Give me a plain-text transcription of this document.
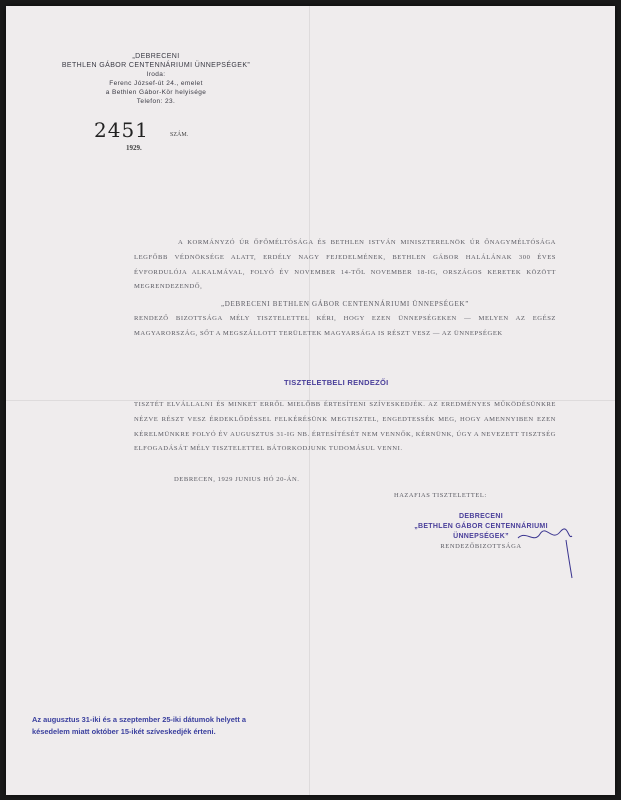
„DEBRECENI
BETHLEN GÁBOR CENTENNÁRIUMI ÜNNEPSÉGEK”
Iroda:
Ferenc József-út 24., emelet
a Bethlen Gábor-Kör helyisége
Telefon: 23.
2451	SZÁM.
1929.

A KORMÁNYZÓ ÚR ŐFŐMÉLTÓSÁGA ÉS BETHLEN ISTVÁN MINISZTERELNÖK ÚR ŐNAGYMÉLTÓSÁGA LEGFŐBB VÉDNÖKSÉGE ALATT, ERDÉLY NAGY FEJEDELMÉNEK, BETHLEN GÁBOR HALÁLÁNAK 300 ÉVES ÉVFORDULÓJA ALKALMÁVAL, FOLYÓ ÉV NOVEMBER 14-TŐL NOVEMBER 18-IG, ORSZÁGOS KERETEK KÖZÖTT MEGRENDEZENDŐ,

„DEBRECENI BETHLEN GÁBOR CENTENNÁRIUMI ÜNNEPSÉGEK”

RENDEZŐ BIZOTTSÁGA MÉLY TISZTELETTEL KÉRI, HOGY EZEN ÜNNEPSÉGEKEN — MELYEN AZ EGÉSZ MAGYARORSZÁG, SŐT A MEGSZÁLLOTT TERÜLETEK MAGYARSÁGA IS RÉSZT VESZ — AZ ÜNNEPSÉGEK

TISZTELETBELI RENDEZŐI

TISZTÉT ELVÁLLALNI ÉS MINKET ERRŐL MIELŐBB ÉRTESÍTENI SZÍVESKEDJÉK. AZ EREDMÉNYES MŰKÖDÉSÜNKRE NÉZVE RÉSZT VESZ ÉRDEKLŐDÉSSEL FELKÉRÉSÜNK MEGTISZTEL, ENGEDTESSÉK MEG, HOGY AMENNYIBEN EZEN KÉRELMÜNKRE FOLYÓ ÉV AUGUSZTUS 31-IG NB. ÉRTESÍTÉSÉT NEM VENNŐK, KÉRNÜNK, ÚGY A NEVEZETT TISZTSÉG ELFOGADÁSÁT MÉLY TISZTELETTEL BÁTORKODJUNK TUDOMÁSUL VENNI.

DEBRECEN, 1929 JUNIUS HÓ 20-ÁN.
HAZAFIAS TISZTELETTEL:
DEBRECENI
„BETHLEN GÁBOR CENTENNÁRIUMI ÜNNEPSÉGEK”
RENDEZŐBIZOTTSÁGA
Az augusztus 31-iki és a szeptember 25-iki dátumok helyett a késedelem miatt október 15-ikét szíveskedjék érteni.
